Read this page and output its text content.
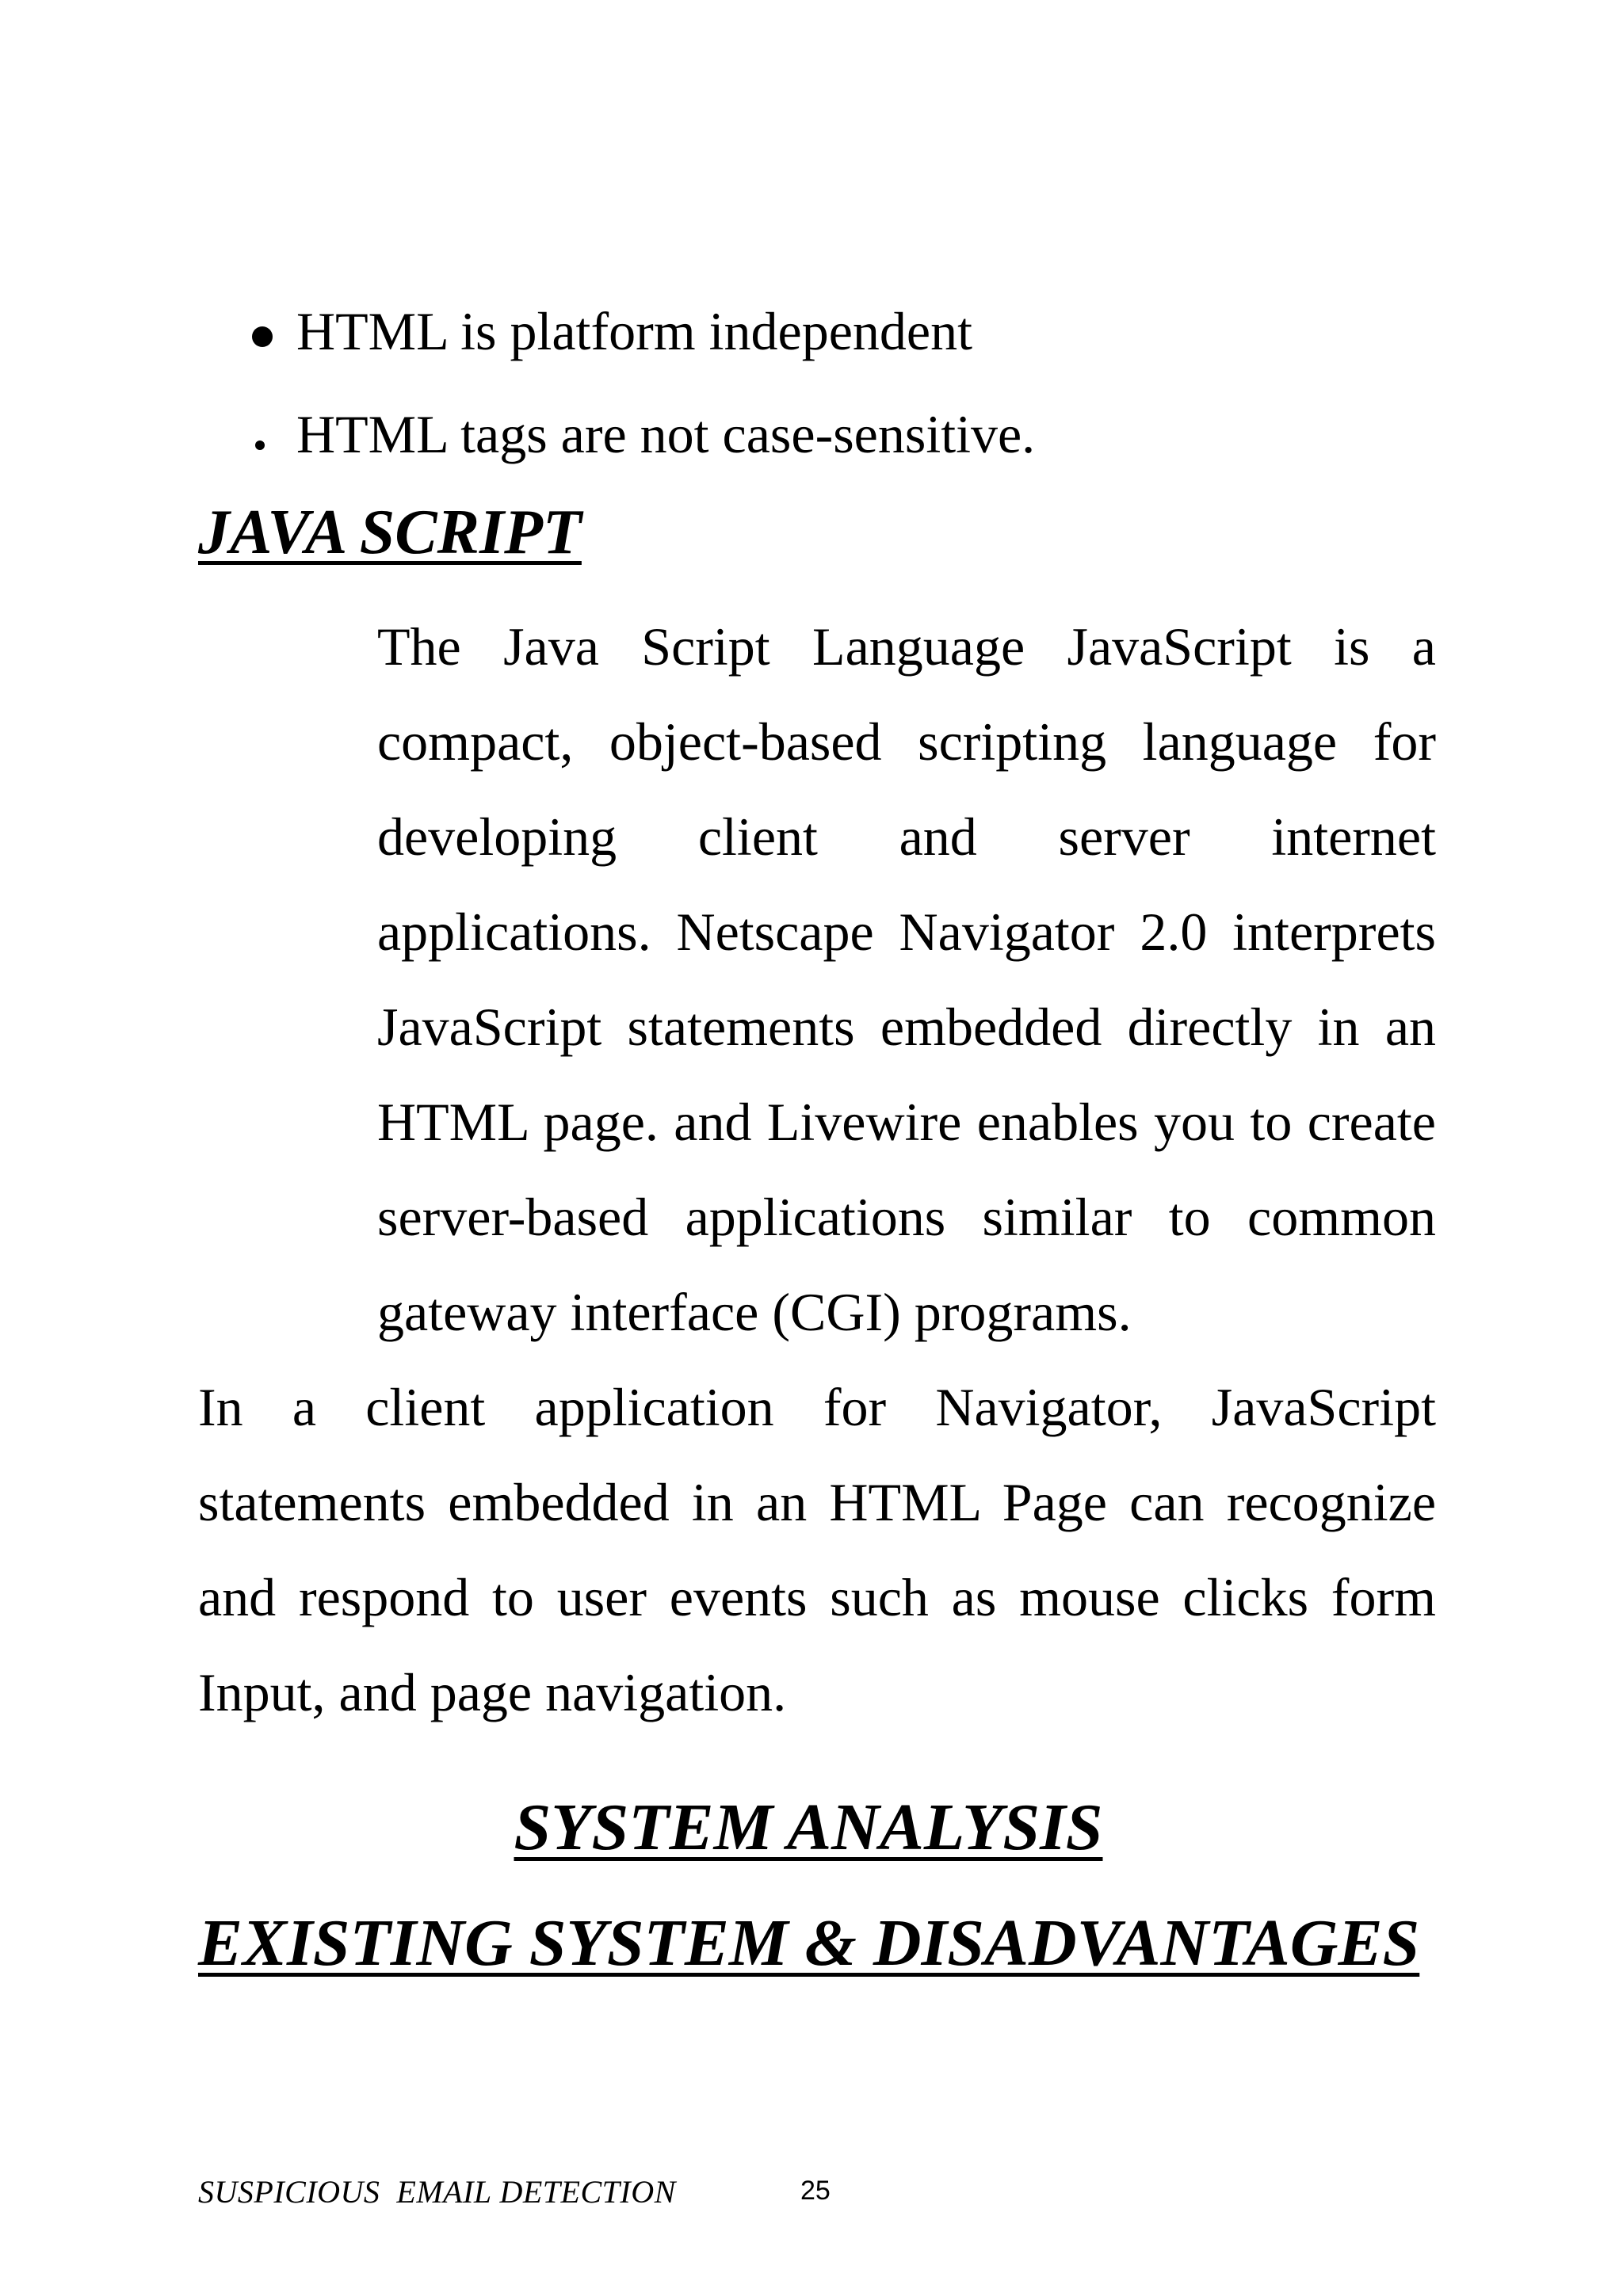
HTML is platform independent
HTML tags are not case-sensitive.
JAVA SCRIPT

The Java Script Language JavaScript is a compact, object-based scripting language for developing client and server internet applications. Netscape Navigator 2.0 interprets JavaScript statements embedded directly in an HTML page. and Livewire enables you to create server-based applications similar to common gateway interface (CGI) programs.

In a client application for Navigator, JavaScript statements embedded in an HTML Page can recognize and respond to user events such as mouse clicks form Input, and page navigation.

SYSTEM ANALYSIS
EXISTING SYSTEM & DISADVANTAGES
SUSPICIOUS  EMAIL DETECTION	25
